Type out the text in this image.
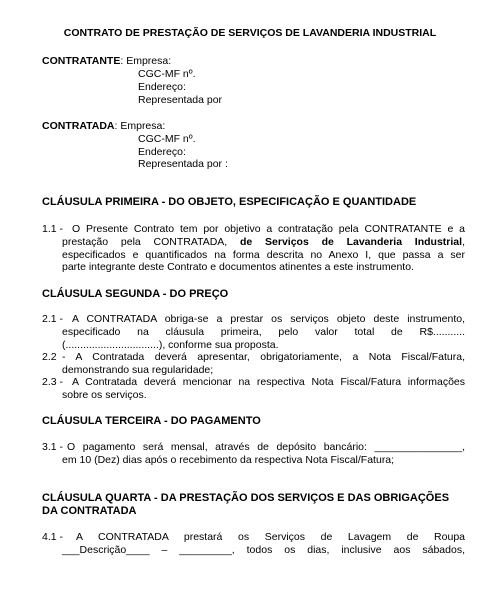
CONTRATO DE PRESTAÇÃO DE SERVIÇOS DE LAVANDERIA INDUSTRIAL
CONTRATANTE: Empresa:
CGC-MF nº.
Endereço:
Representada por
CONTRATADA: Empresa:
CGC-MF nº.
Endereço:
Representada por :
CLÁUSULA PRIMEIRA - DO OBJETO, ESPECIFICAÇÃO E QUANTIDADE
1.1 - O Presente Contrato tem por objetivo a contratação pela CONTRATANTE e a
prestação pela CONTRATADA, de Serviços de Lavanderia Industrial,
especificados e quantificados na forma descrita no Anexo I, que passa a ser
parte integrante deste Contrato e documentos atinentes a este instrumento.
CLÁUSULA SEGUNDA - DO PREÇO
2.1 - A CONTRATADA obriga-se a prestar os serviços objeto deste instrumento,
especificado na cláusula primeira, pelo valor total de R$...........
(................................), conforme sua proposta.
2.2 - A Contratada deverá apresentar, obrigatoriamente, a Nota Fiscal/Fatura,
demonstrando sua regularidade;
2.3 - A Contratada deverá mencionar na respectiva Nota Fiscal/Fatura informações
sobre os serviços.
CLÁUSULA TERCEIRA - DO PAGAMENTO
3.1 - O pagamento será mensal, através de depósito bancário: _______________,
em 10 (Dez) dias após o recebimento da respectiva Nota Fiscal/Fatura;
CLÁUSULA QUARTA - DA PRESTAÇÃO DOS SERVIÇOS E DAS OBRIGAÇÕES
DA CONTRATADA
4.1 - A CONTRATADA prestará os Serviços de Lavagem de Roupa
___Descrição____ – _________, todos os dias, inclusive aos sábados,
